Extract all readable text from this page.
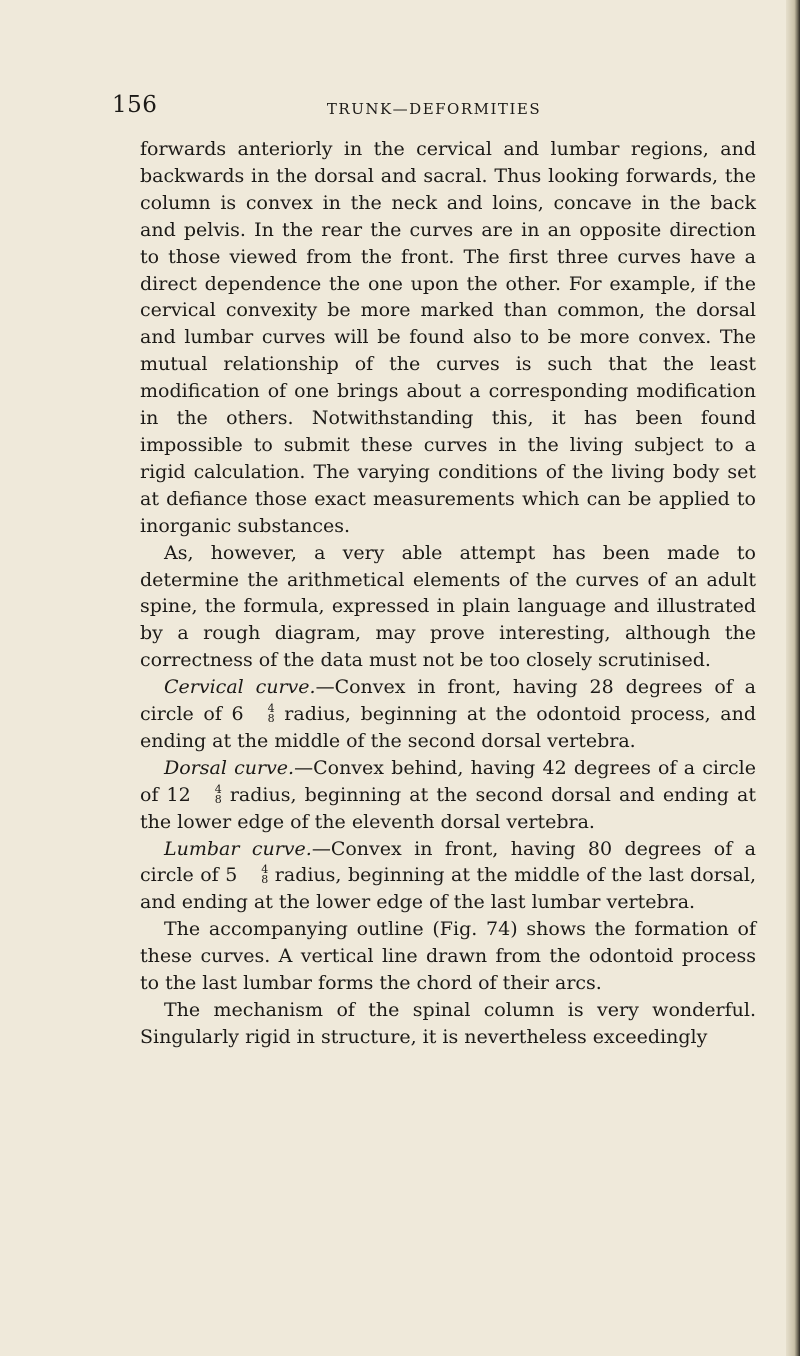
156	TRUNK—DEFORMITIES

forwards anteriorly in the cervical and lumbar regions, and backwards in the dorsal and sacral. Thus looking forwards, the column is convex in the neck and loins, concave in the back and pelvis. In the rear the curves are in an opposite direction to those viewed from the front. The first three curves have a direct dependence the one upon the other. For example, if the cervical convexity be more marked than common, the dorsal and lumbar curves will be found also to be more convex. The mutual relationship of the curves is such that the least modification of one brings about a corresponding modification in the others. Notwithstanding this, it has been found impossible to submit these curves in the living subject to a rigid calculation. The varying conditions of the living body set at defiance those exact measurements which can be applied to inorganic substances.

As, however, a very able attempt has been made to determine the arithmetical elements of the curves of an adult spine, the formula, expressed in plain language and illustrated by a rough diagram, may prove interesting, although the correctness of the data must not be too closely scrutinised.

Cervical curve.—Convex in front, having 28 degrees of a circle of 6	4
8 radius, beginning at the odontoid process, and ending at the middle of the second dorsal vertebra.

Dorsal curve.—Convex behind, having 42 degrees of a circle of 12	4
8 radius, beginning at the second dorsal and ending at the lower edge of the eleventh dorsal vertebra.

Lumbar curve.—Convex in front, having 80 degrees of a circle of 5	4
8 radius, beginning at the middle of the last dorsal, and ending at the lower edge of the last lumbar vertebra.

The accompanying outline (Fig. 74) shows the formation of these curves. A vertical line drawn from the odontoid process to the last lumbar forms the chord of their arcs.

The mechanism of the spinal column is very wonderful. Singularly rigid in structure, it is nevertheless exceedingly
